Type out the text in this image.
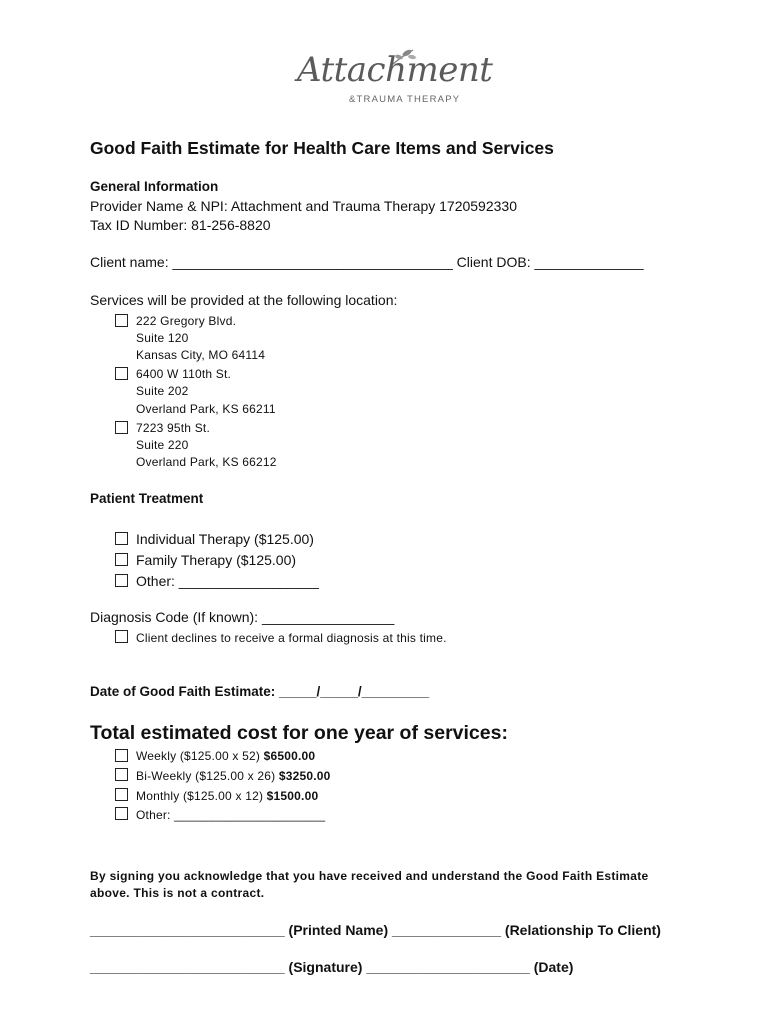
Attachment
&TRAUMA THERAPY
Good Faith Estimate for Health Care Items and Services
General Information
Provider Name & NPI: Attachment and Trauma Therapy 1720592330
Tax ID Number: 81-256-8820
Client name: ____________________________________ Client DOB: ______________
Services will be provided at the following location:
222 Gregory Blvd.
Suite 120
Kansas City, MO 64114
6400 W 110th St.
Suite 202
Overland Park, KS 66211
7223 95th St.
Suite 220
Overland Park, KS 66212
Patient Treatment
Individual Therapy ($125.00)
Family Therapy ($125.00)
Other: __________________
Diagnosis Code (If known): _________________
Client declines to receive a formal diagnosis at this time.
Date of Good Faith Estimate: _____/_____/_________
Total estimated cost for one year of services:
Weekly ($125.00 x 52) $6500.00
Bi-Weekly ($125.00 x 26) $3250.00
Monthly ($125.00 x 12) $1500.00
Other: ______________________
By signing you acknowledge that you have received and understand the Good Faith Estimate
above. This is not a contract.
_________________________ (Printed Name) ______________ (Relationship To Client)
_________________________ (Signature) _____________________ (Date)
